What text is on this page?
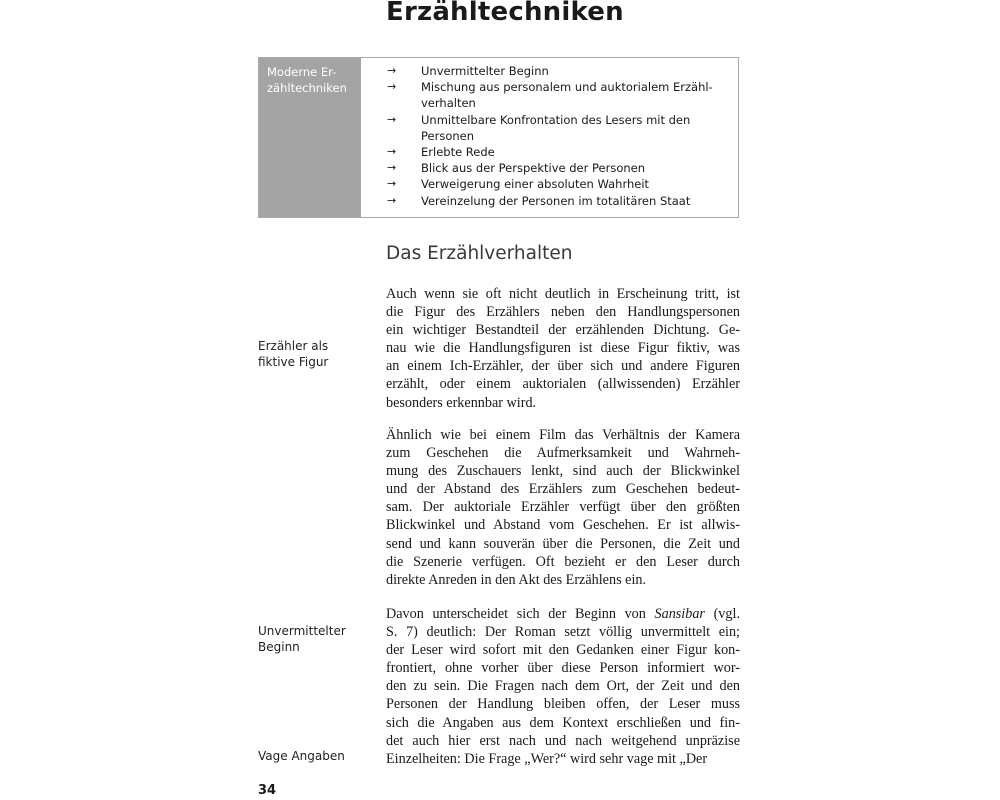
Erzähltechniken
Moderne Er-
zähltechniken
→ Unvermittelter Beginn
→ Mischung aus personalem und auktorialem Erzähl-
verhalten
→ Unmittelbare Konfrontation des Lesers mit den
Personen
→ Erlebte Rede
→ Blick aus der Perspektive der Personen
→ Verweigerung einer absoluten Wahrheit
→ Vereinzelung der Personen im totalitären Staat
Das Erzählverhalten
Auch wenn sie oft nicht deutlich in Erscheinung tritt, ist
die Figur des Erzählers neben den Handlungspersonen
ein wichtiger Bestandteil der erzählenden Dichtung. Ge-
nau wie die Handlungsfiguren ist diese Figur fiktiv, was
an einem Ich-Erzähler, der über sich und andere Figuren
erzählt, oder einem auktorialen (allwissenden) Erzähler
besonders erkennbar wird.
Ähnlich wie bei einem Film das Verhältnis der Kamera
zum Geschehen die Aufmerksamkeit und Wahrneh-
mung des Zuschauers lenkt, sind auch der Blickwinkel
und der Abstand des Erzählers zum Geschehen bedeut-
sam. Der auktoriale Erzähler verfügt über den größten
Blickwinkel und Abstand vom Geschehen. Er ist allwis-
send und kann souverän über die Personen, die Zeit und
die Szenerie verfügen. Oft bezieht er den Leser durch
direkte Anreden in den Akt des Erzählens ein.
Davon unterscheidet sich der Beginn von Sansibar (vgl.
S. 7) deutlich: Der Roman setzt völlig unvermittelt ein;
der Leser wird sofort mit den Gedanken einer Figur kon-
frontiert, ohne vorher über diese Person informiert wor-
den zu sein. Die Fragen nach dem Ort, der Zeit und den
Personen der Handlung bleiben offen, der Leser muss
sich die Angaben aus dem Kontext erschließen und fin-
det auch hier erst nach und nach weitgehend unpräzise
Einzelheiten: Die Frage „Wer?“ wird sehr vage mit „Der
Erzähler als
fiktive Figur
Unvermittelter
Beginn
Vage Angaben
34
